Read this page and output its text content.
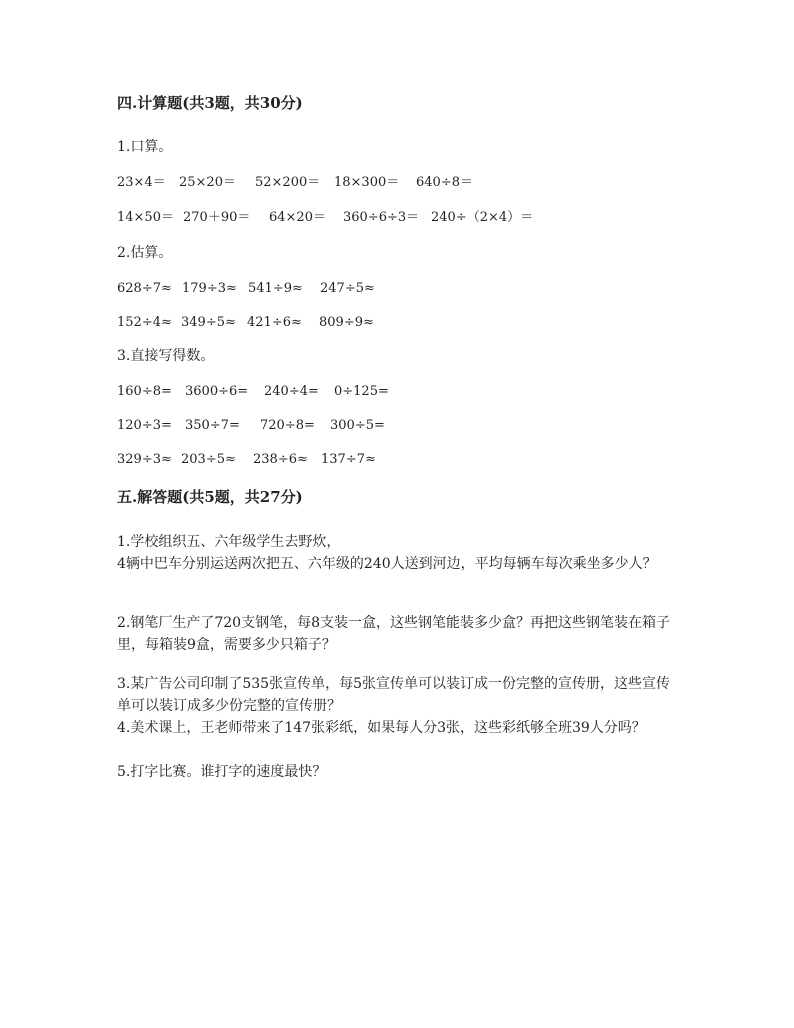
四.计算题(共3题，共30分)
1.口算。
23×4＝ 25×20＝ 52×200＝ 18×300＝ 640÷8＝
14×50＝ 270＋90＝ 64×20＝ 360÷6÷3＝ 240÷（2×4）＝
2.估算。
628÷7≈ 179÷3≈ 541÷9≈ 247÷5≈
152÷4≈ 349÷5≈ 421÷6≈ 809÷9≈
3.直接写得数。
160÷8= 3600÷6= 240÷4= 0÷125=
120÷3= 350÷7= 720÷8= 300÷5=
329÷3≈ 203÷5≈ 238÷6≈ 137÷7≈
五.解答题(共5题，共27分)
1.学校组织五、六年级学生去野炊，
4辆中巴车分别运送两次把五、六年级的240人送到河边，平均每辆车每次乘坐多少人？
2.钢笔厂生产了720支钢笔，每8支装一盒，这些钢笔能装多少盒？再把这些钢笔装在箱子里，每箱装9盒，需要多少只箱子？
3.某广告公司印制了535张宣传单，每5张宣传单可以装订成一份完整的宣传册，这些宣传单可以装订成多少份完整的宣传册？
4.美术课上，王老师带来了147张彩纸，如果每人分3张，这些彩纸够全班39人分吗？
5.打字比赛。谁打字的速度最快？
